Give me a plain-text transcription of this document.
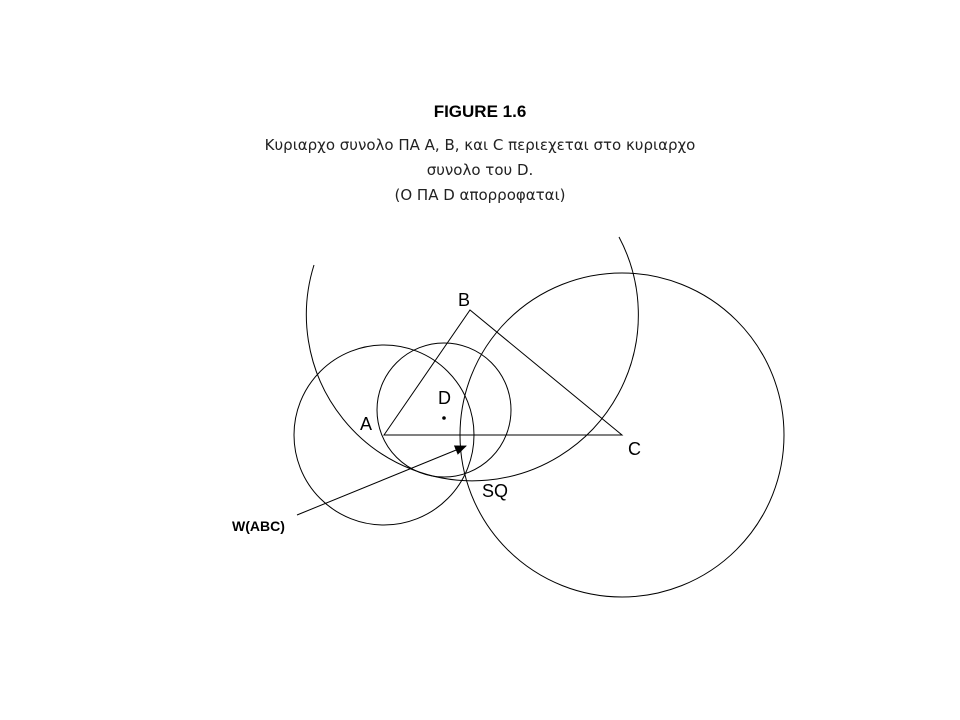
FIGURE 1.6
Κυριαρχο συνολο ΠΑ A, B, και C περιεχεται στο κυριαρχο
συνολο του D.
(Ο ΠΑ D απορροφαται)
A
B
C
D
SQ
W(ABC)
